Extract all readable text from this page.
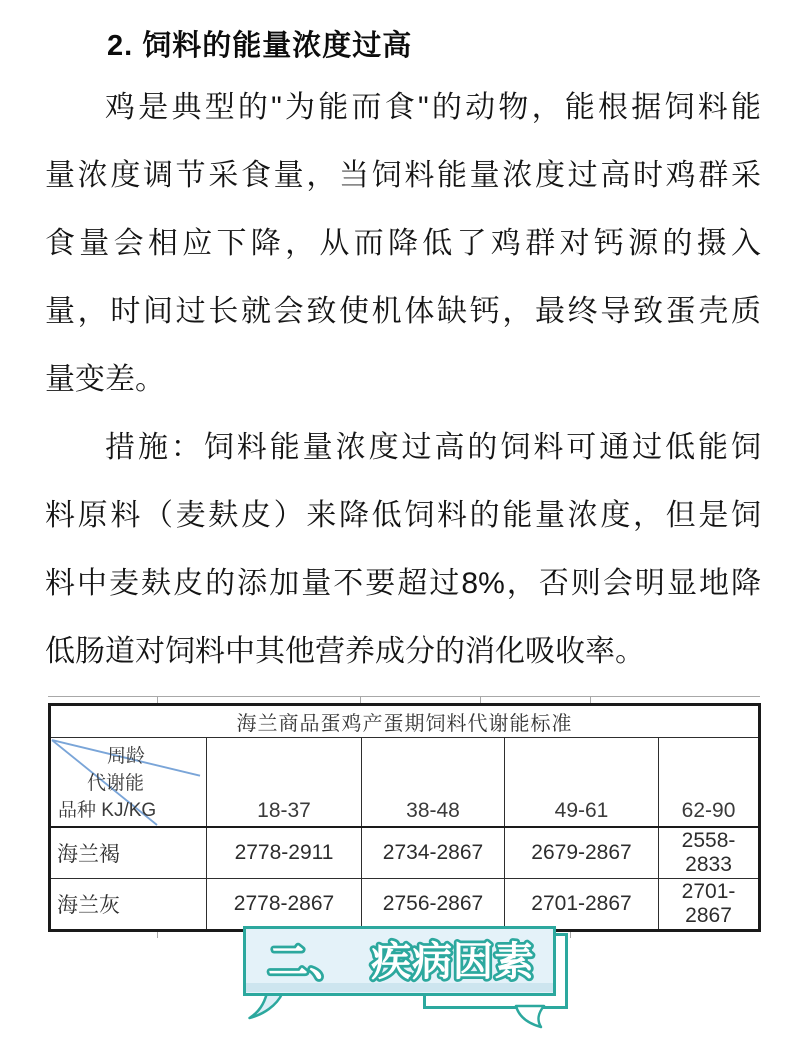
2. 饲料的能量浓度过高
鸡是典型的"为能而食"的动物，能根据饲料能
量浓度调节采食量，当饲料能量浓度过高时鸡群采
食量会相应下降，从而降低了鸡群对钙源的摄入
量，时间过长就会致使机体缺钙，最终导致蛋壳质
量变差。
措施：饲料能量浓度过高的饲料可通过低能饲
料原料（麦麸皮）来降低饲料的能量浓度，但是饲
料中麦麸皮的添加量不要超过8%，否则会明显地降
低肠道对饲料中其他营养成分的消化吸收率。
海兰商品蛋鸡产蛋期饲料代谢能标准				

周龄
代谢能
品种 KJ/KG	18-37	38-48	49-61	62-90
海兰褐	2778-2911	2734-2867	2679-2867	2558-2833
海兰灰	2778-2867	2756-2867	2701-2867	2701-2867
二、　疾病因素
